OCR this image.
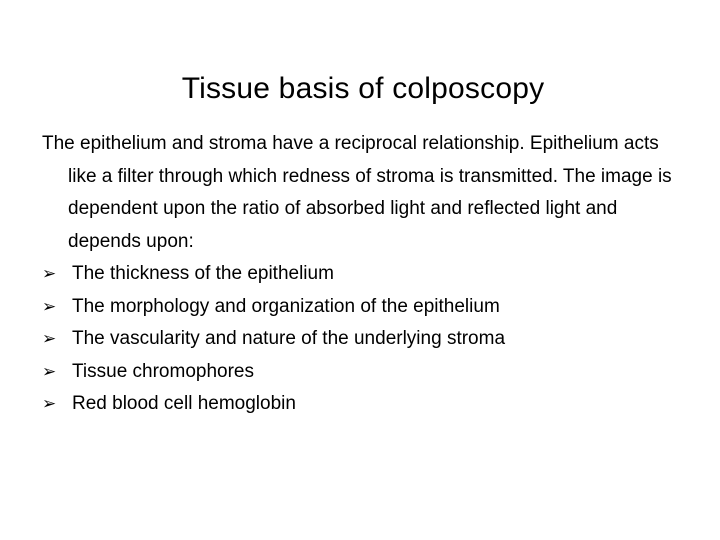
Tissue basis of colposcopy

The epithelium and stroma have a reciprocal relationship. Epithelium acts like a filter through which redness of stroma is transmitted. The image is dependent upon the ratio of absorbed light and reflected light and depends upon:

➢ The thickness of the epithelium
➢ The morphology and organization of the epithelium
➢ The vascularity and nature of the underlying stroma
➢ Tissue chromophores
➢ Red blood cell hemoglobin
